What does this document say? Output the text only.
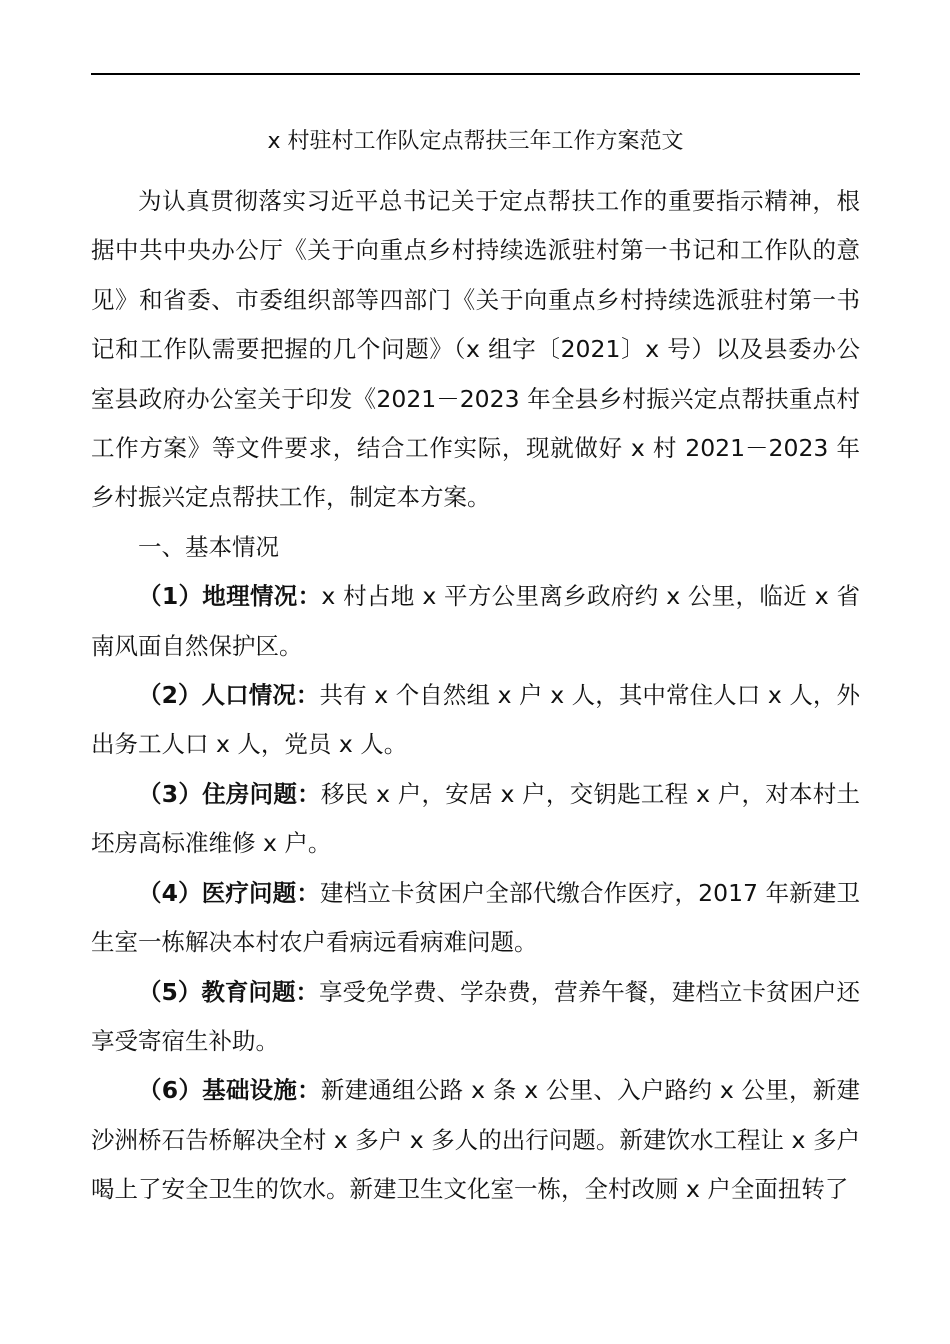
x 村驻村工作队定点帮扶三年工作方案范文

为认真贯彻落实习近平总书记关于定点帮扶工作的重要指示精神，根据中共中央办公厅《关于向重点乡村持续选派驻村第一书记和工作队的意见》和省委、市委组织部等四部门《关于向重点乡村持续选派驻村第一书记和工作队需要把握的几个问题》（x 组字〔2021〕x 号）以及县委办公室县政府办公室关于印发《2021－2023 年全县乡村振兴定点帮扶重点村工作方案》等文件要求，结合工作实际，现就做好 x 村 2021－2023 年乡村振兴定点帮扶工作，制定本方案。

一、基本情况

（1）地理情况：x 村占地 x 平方公里离乡政府约 x 公里，临近 x 省南风面自然保护区。

（2）人口情况：共有 x 个自然组 x 户 x 人，其中常住人口 x 人，外出务工人口 x 人，党员 x 人。

（3）住房问题：移民 x 户，安居 x 户，交钥匙工程 x 户，对本村土坯房高标准维修 x 户。

（4）医疗问题：建档立卡贫困户全部代缴合作医疗，2017 年新建卫生室一栋解决本村农户看病远看病难问题。

（5）教育问题：享受免学费、学杂费，营养午餐，建档立卡贫困户还享受寄宿生补助。

（6）基础设施：新建通组公路 x 条 x 公里、入户路约 x 公里，新建沙洲桥石告桥解决全村 x 多户 x 多人的出行问题。新建饮水工程让 x 多户喝上了安全卫生的饮水。新建卫生文化室一栋，全村改厕 x 户全面扭转了
